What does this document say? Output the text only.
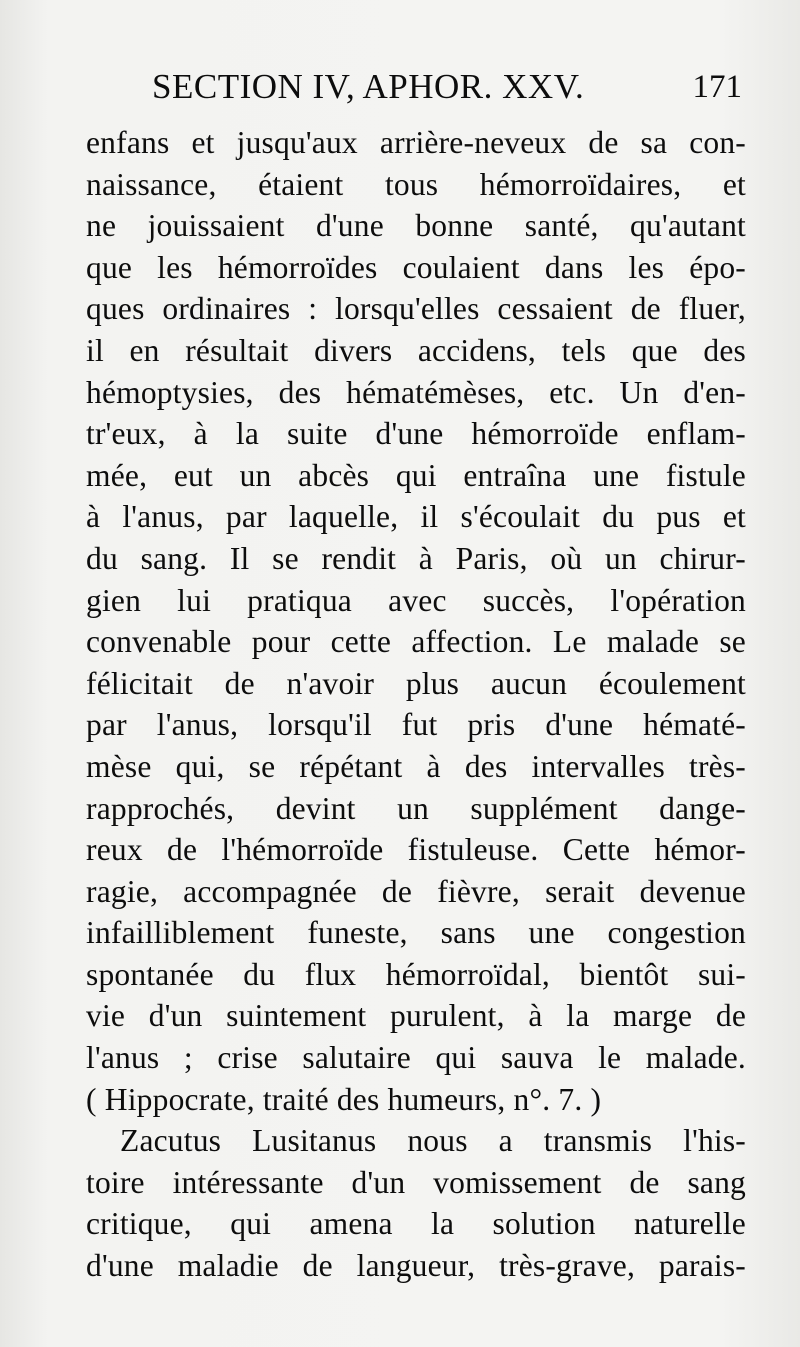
SECTION IV, APHOR. XXV.	171
enfans et jusqu'aux arrière-neveux de sa con-
naissance, étaient tous hémorroïdaires, et
ne jouissaient d'une bonne santé, qu'autant
que les hémorroïdes coulaient dans les épo-
ques ordinaires : lorsqu'elles cessaient de fluer,
il en résultait divers accidens, tels que des
hémoptysies, des hématémèses, etc. Un d'en-
tr'eux, à la suite d'une hémorroïde enflam-
mée, eut un abcès qui entraîna une fistule
à l'anus, par laquelle, il s'écoulait du pus et
du sang. Il se rendit à Paris, où un chirur-
gien lui pratiqua avec succès, l'opération
convenable pour cette affection. Le malade se
félicitait de n'avoir plus aucun écoulement
par l'anus, lorsqu'il fut pris d'une hématé-
mèse qui, se répétant à des intervalles très-
rapprochés, devint un supplément dange-
reux de l'hémorroïde fistuleuse. Cette hémor-
ragie, accompagnée de fièvre, serait devenue
infailliblement funeste, sans une congestion
spontanée du flux hémorroïdal, bientôt sui-
vie d'un suintement purulent, à la marge de
l'anus ; crise salutaire qui sauva le malade.
( Hippocrate, traité des humeurs, n°. 7. )
Zacutus Lusitanus nous a transmis l'his-
toire intéressante d'un vomissement de sang
critique, qui amena la solution naturelle
d'une maladie de langueur, très-grave, parais-
